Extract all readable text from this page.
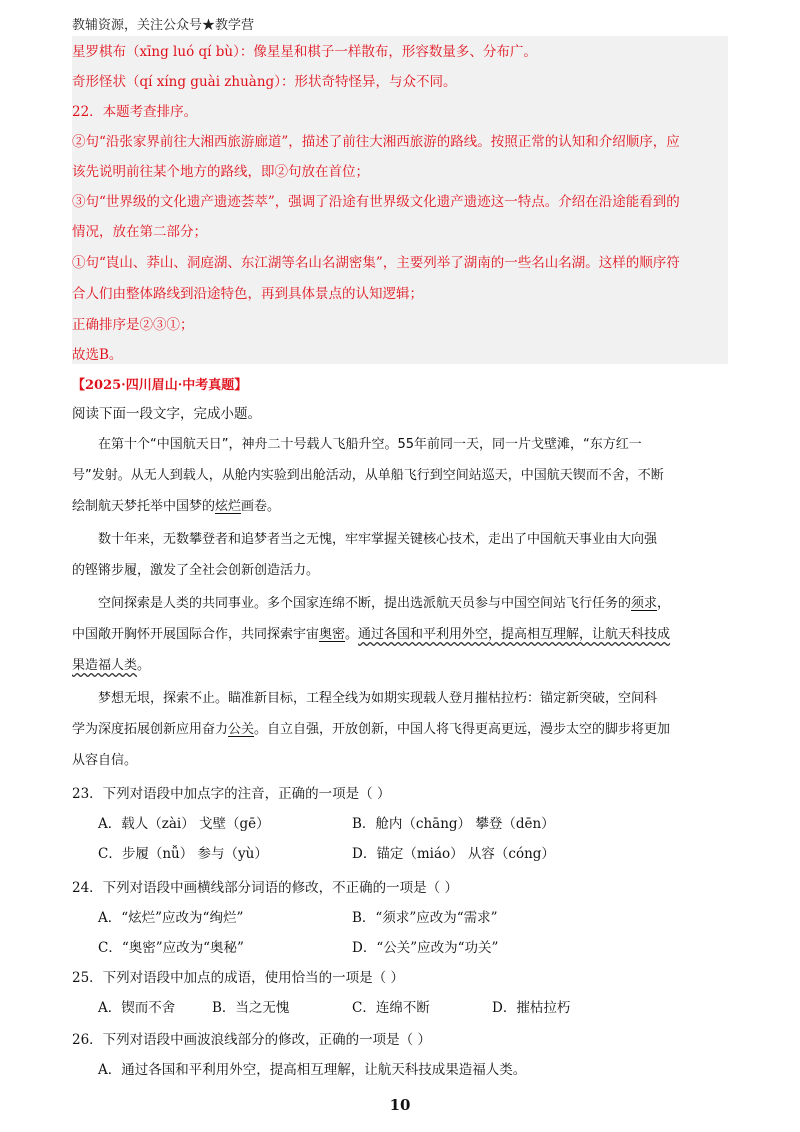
教辅资源，关注公众号★教学营
星罗棋布（xīng luó qí bù）：像星星和棋子一样散布，形容数量多、分布广。
奇形怪状（qí xíng guài zhuàng）：形状奇特怪异，与众不同。
22．本题考查排序。
②句“沿张家界前往大湘西旅游廊道”，描述了前往大湘西旅游的路线。按照正常的认知和介绍顺序，应
该先说明前往某个地方的路线，即②句放在首位；
③句“世界级的文化遗产遗迹荟萃”，强调了沿途有世界级文化遗产遗迹这一特点。介绍在沿途能看到的
情况，放在第二部分；
①句“崀山、莽山、洞庭湖、东江湖等名山名湖密集”，主要列举了湖南的一些名山名湖。这样的顺序符
合人们由整体路线到沿途特色，再到具体景点的认知逻辑；
正确排序是②③①；
故选B。
【2025·四川眉山·中考真题】
阅读下面一段文字，完成小题。
在第十个“中国航天日”，神舟二十号载人飞船升空。55年前同一天，同一片戈壁滩，“东方红一
号”发射。从无人到载人，从舱内实验到出舱活动，从单船飞行到空间站巡天，中国航天锲而不舍，不断
绘制航天梦托举中国梦的炫烂画卷。
数十年来，无数攀登者和追梦者当之无愧，牢牢掌握关键核心技术，走出了中国航天事业由大向强
的铿锵步履，激发了全社会创新创造活力。
空间探索是人类的共同事业。多个国家连绵不断，提出选派航天员参与中国空间站飞行任务的须求，
中国敞开胸怀开展国际合作，共同探索宇宙奥密。通过各国和平利用外空，提高相互理解，让航天科技成
果造福人类。
梦想无垠，探索不止。瞄准新目标，工程全线为如期实现载人登月摧枯拉朽：锚定新突破，空间科
学为深度拓展创新应用奋力公关。自立自强，开放创新，中国人将飞得更高更远，漫步太空的脚步将更加
从容自信。
23．下列对语段中加点字的注音，正确的一项是（ ）
A．载人（zài） 戈壁（gē）	B．舱内（chāng） 攀登（dēn）
C．步履（nǚ） 参与（yù）	D．锚定（miáo） 从容（cóng）
24．下列对语段中画横线部分词语的修改，不正确的一项是（ ）
A．“炫烂”应改为“绚烂”	B．“须求”应改为“需求”
C．“奥密”应改为“奥秘”	D．“公关”应改为“功关”
25．下列对语段中加点的成语，使用恰当的一项是（ ）
A．锲而不舍	B．当之无愧	C．连绵不断	D．摧枯拉朽
26．下列对语段中画波浪线部分的修改，正确的一项是（ ）
A．通过各国和平利用外空，提高相互理解，让航天科技成果造福人类。
10
